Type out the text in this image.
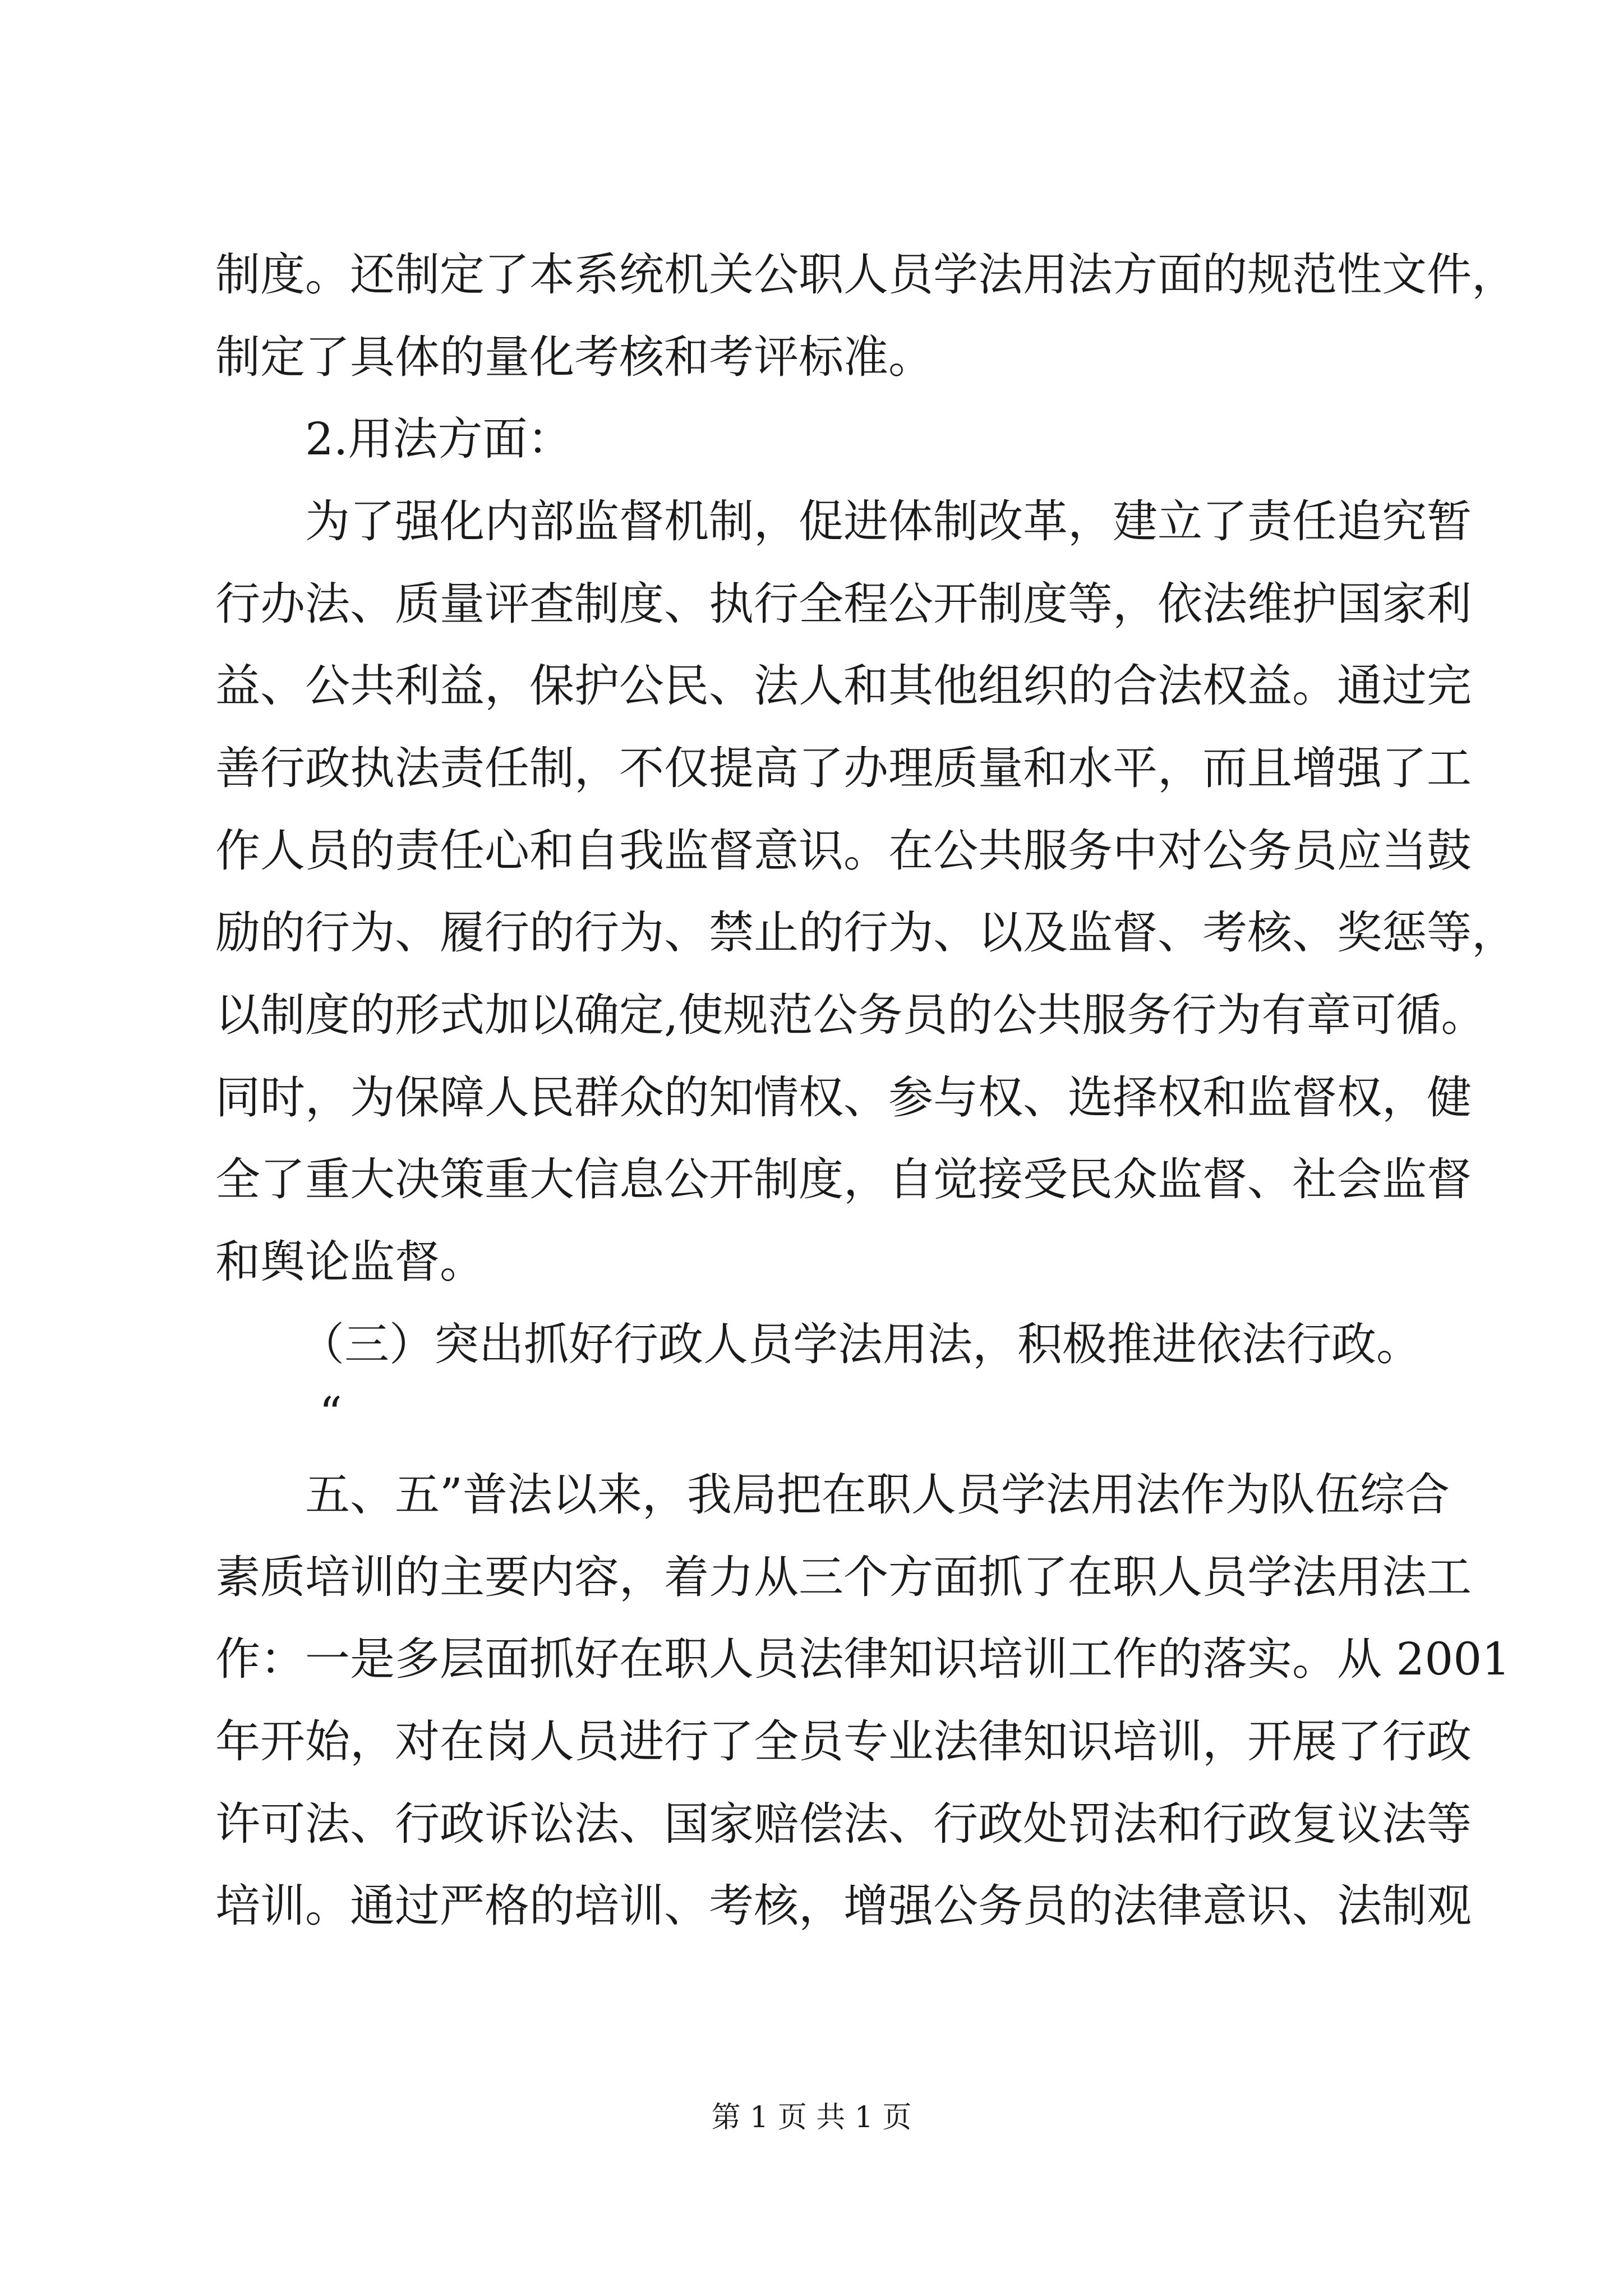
制度。还制定了本系统机关公职人员学法用法方面的规范性文件，
制定了具体的量化考核和考评标准。
2.用法方面：
为了强化内部监督机制，促进体制改革，建立了责任追究暂
行办法、质量评查制度、执行全程公开制度等，依法维护国家利
益、公共利益，保护公民、法人和其他组织的合法权益。通过完
善行政执法责任制，不仅提高了办理质量和水平，而且增强了工
作人员的责任心和自我监督意识。在公共服务中对公务员应当鼓
励的行为、履行的行为、禁止的行为、以及监督、考核、奖惩等，
以制度的形式加以确定,使规范公务员的公共服务行为有章可循。
同时，为保障人民群众的知情权、参与权、选择权和监督权，健
全了重大决策重大信息公开制度，自觉接受民众监督、社会监督
和舆论监督。
（三）突出抓好行政人员学法用法，积极推进依法行政。
“
五、五”普法以来，我局把在职人员学法用法作为队伍综合
素质培训的主要内容，着力从三个方面抓了在职人员学法用法工
作：一是多层面抓好在职人员法律知识培训工作的落实。从 2001
年开始，对在岗人员进行了全员专业法律知识培训，开展了行政
许可法、行政诉讼法、国家赔偿法、行政处罚法和行政复议法等
培训。通过严格的培训、考核，增强公务员的法律意识、法制观
第 1 页 共 1 页
